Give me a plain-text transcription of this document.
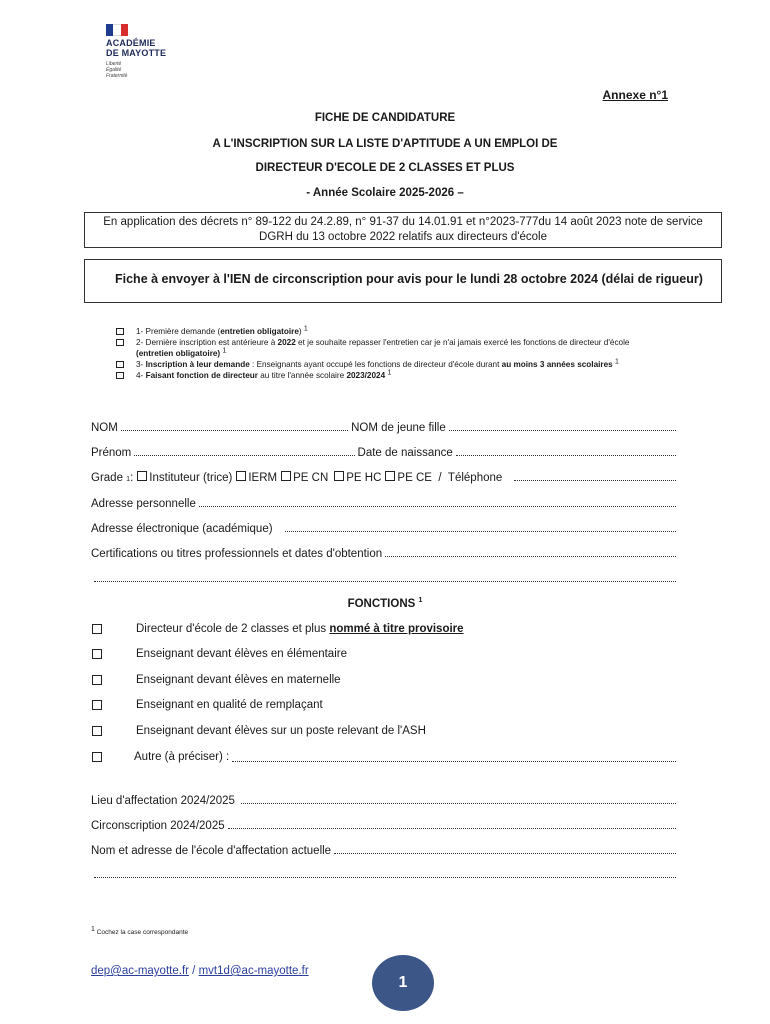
ACADÉMIE
DE MAYOTTE
Liberté
Égalité
Fraternité
Annexe n°1
FICHE DE CANDIDATURE
A L'INSCRIPTION SUR LA LISTE D'APTITUDE A UN EMPLOI DE
DIRECTEUR D'ECOLE DE 2 CLASSES ET PLUS
- Année Scolaire 2025-2026 –
En application des décrets n° 89-122 du 24.2.89, n° 91-37 du 14.01.91 et n°2023-777du 14 août 2023 note de service
DGRH du 13 octobre 2022 relatifs aux directeurs d'école
Fiche à envoyer à l'IEN de circonscription pour avis pour le lundi 28 octobre 2024 (délai de rigueur)
1- Première demande (entretien obligatoire) 1
2- Dernière inscription est antérieure à 2022 et je souhaite repasser l'entretien car je n'ai jamais exercé les fonctions de directeur d'école
(entretien obligatoire) 1
3- Inscription à leur demande : Enseignants ayant occupé les fonctions de directeur d'école durant au moins 3 années scolaires 1
4- Faisant fonction de directeur au titre l'année scolaire 2023/2024 1
NOM	NOM de jeune fille
Prénom	Date de naissance
Grade
1 : Instituteur (trice) IERM PE CN PE HC PE CE
/
Téléphone
Adresse personnelle
Adresse électronique (académique)
Certifications ou titres professionnels et dates d'obtention
FONCTIONS $^1$
Directeur d'école de 2 classes et plus
nommé à titre provisoire
Enseignant devant élèves en élémentaire
Enseignant devant élèves en maternelle
Enseignant en qualité de remplaçant
Enseignant devant élèves sur un poste relevant de l'ASH
Autre (à préciser) :
Lieu d'affectation 2024/2025
Circonscription 2024/2025
Nom et adresse de l'école d'affectation actuelle
1 Cochez la case correspondante
dep@ac-mayotte.fr / mvt1d@ac-mayotte.fr
1
